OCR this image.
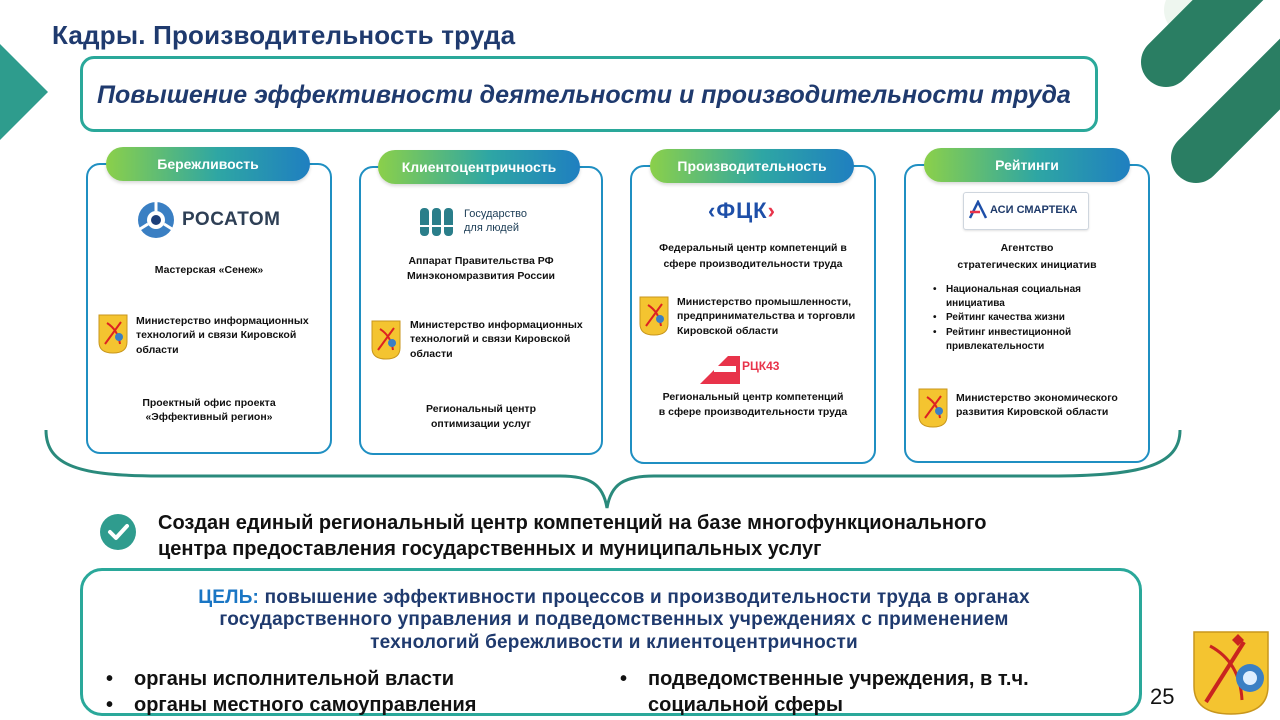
Кадры. Производительность труда
Повышение эффективности деятельности и производительности труда
Бережливость
РОСАТОМ
Мастерская «Сенеж»
Министерство информационных технологий и связи Кировской области
Проектный офис проекта «Эффективный регион»
Клиентоцентричность
Государство
для людей
Аппарат Правительства РФ
Минэкономразвития России
Министерство информационных технологий и связи Кировской области
Региональный центр
оптимизации услуг
Производительность
‹ФЦК›
Федеральный центр компетенций в
сфере производительности труда
Министерство промышленности, предпринимательства и торговли Кировской области
РЦК43
Региональный центр компетенций
в сфере производительности труда
Рейтинги
АСИ СМАРТЕКА
Агентство
стратегических инициатив
• Национальная социальная инициатива
• Рейтинг качества жизни
• Рейтинг инвестиционной привлекательности
Министерство экономического развития Кировской области
Создан единый региональный центр компетенций на базе многофункционального
центра предоставления государственных и муниципальных услуг
ЦЕЛЬ: повышение эффективности процессов и производительности труда в органах
государственного управления и подведомственных учреждениях с применением
технологий бережливости и клиентоцентричности
• органы исполнительной власти
• органы местного самоуправления
• подведомственные учреждения, в т.ч.
социальной сферы	25
